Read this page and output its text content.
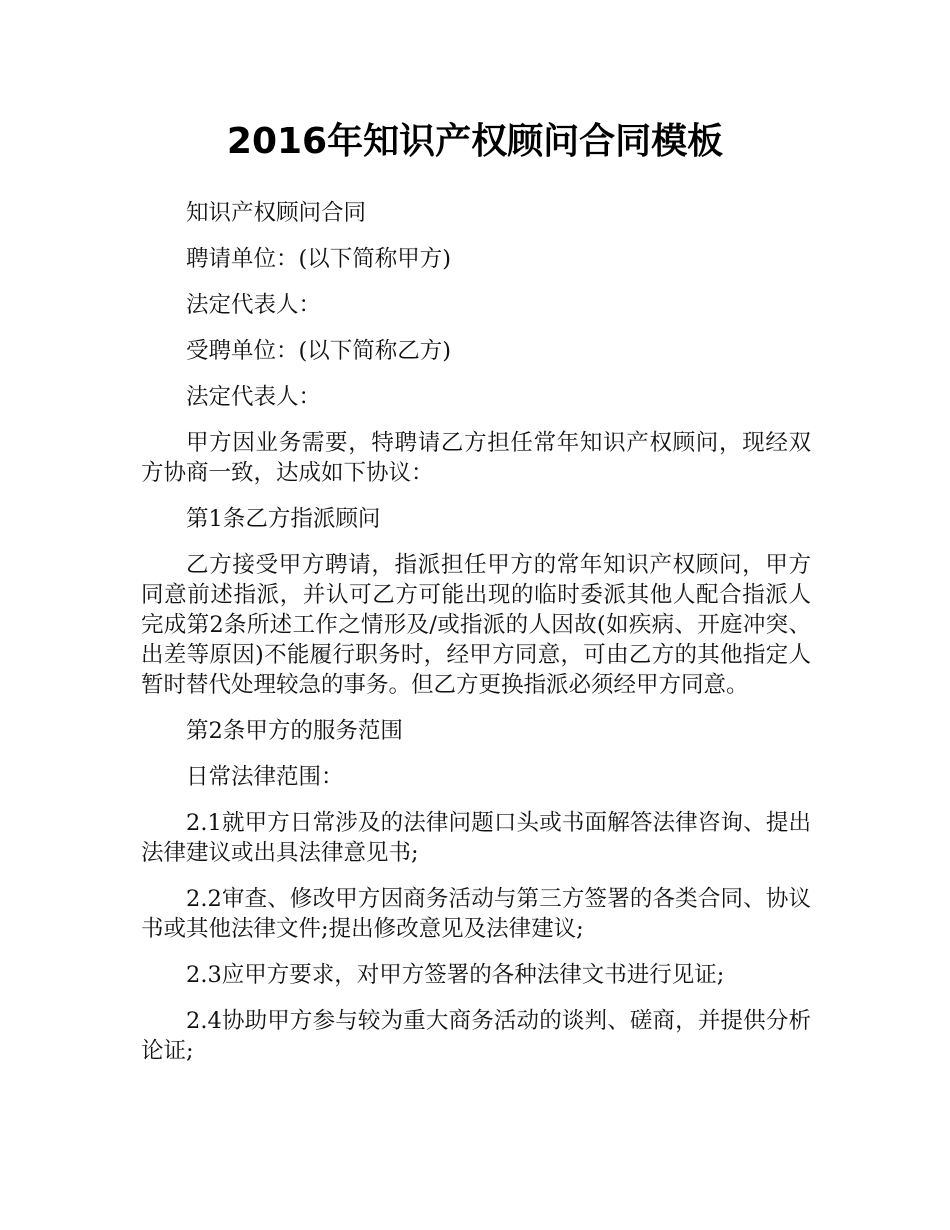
2016年知识产权顾问合同模板

知识产权顾问合同

聘请单位：(以下简称甲方)

法定代表人：

受聘单位：(以下简称乙方)

法定代表人：

甲方因业务需要，特聘请乙方担任常年知识产权顾问，现经双方协商一致，达成如下协议：

第1条乙方指派顾问

乙方接受甲方聘请，指派担任甲方的常年知识产权顾问，甲方同意前述指派，并认可乙方可能出现的临时委派其他人配合指派人完成第2条所述工作之情形及/或指派的人因故(如疾病、开庭冲突、出差等原因)不能履行职务时，经甲方同意，可由乙方的其他指定人暂时替代处理较急的事务。但乙方更换指派必须经甲方同意。

第2条甲方的服务范围

日常法律范围：

2.1就甲方日常涉及的法律问题口头或书面解答法律咨询、提出法律建议或出具法律意见书;

2.2审查、修改甲方因商务活动与第三方签署的各类合同、协议书或其他法律文件;提出修改意见及法律建议;

2.3应甲方要求，对甲方签署的各种法律文书进行见证;

2.4协助甲方参与较为重大商务活动的谈判、磋商，并提供分析论证;
